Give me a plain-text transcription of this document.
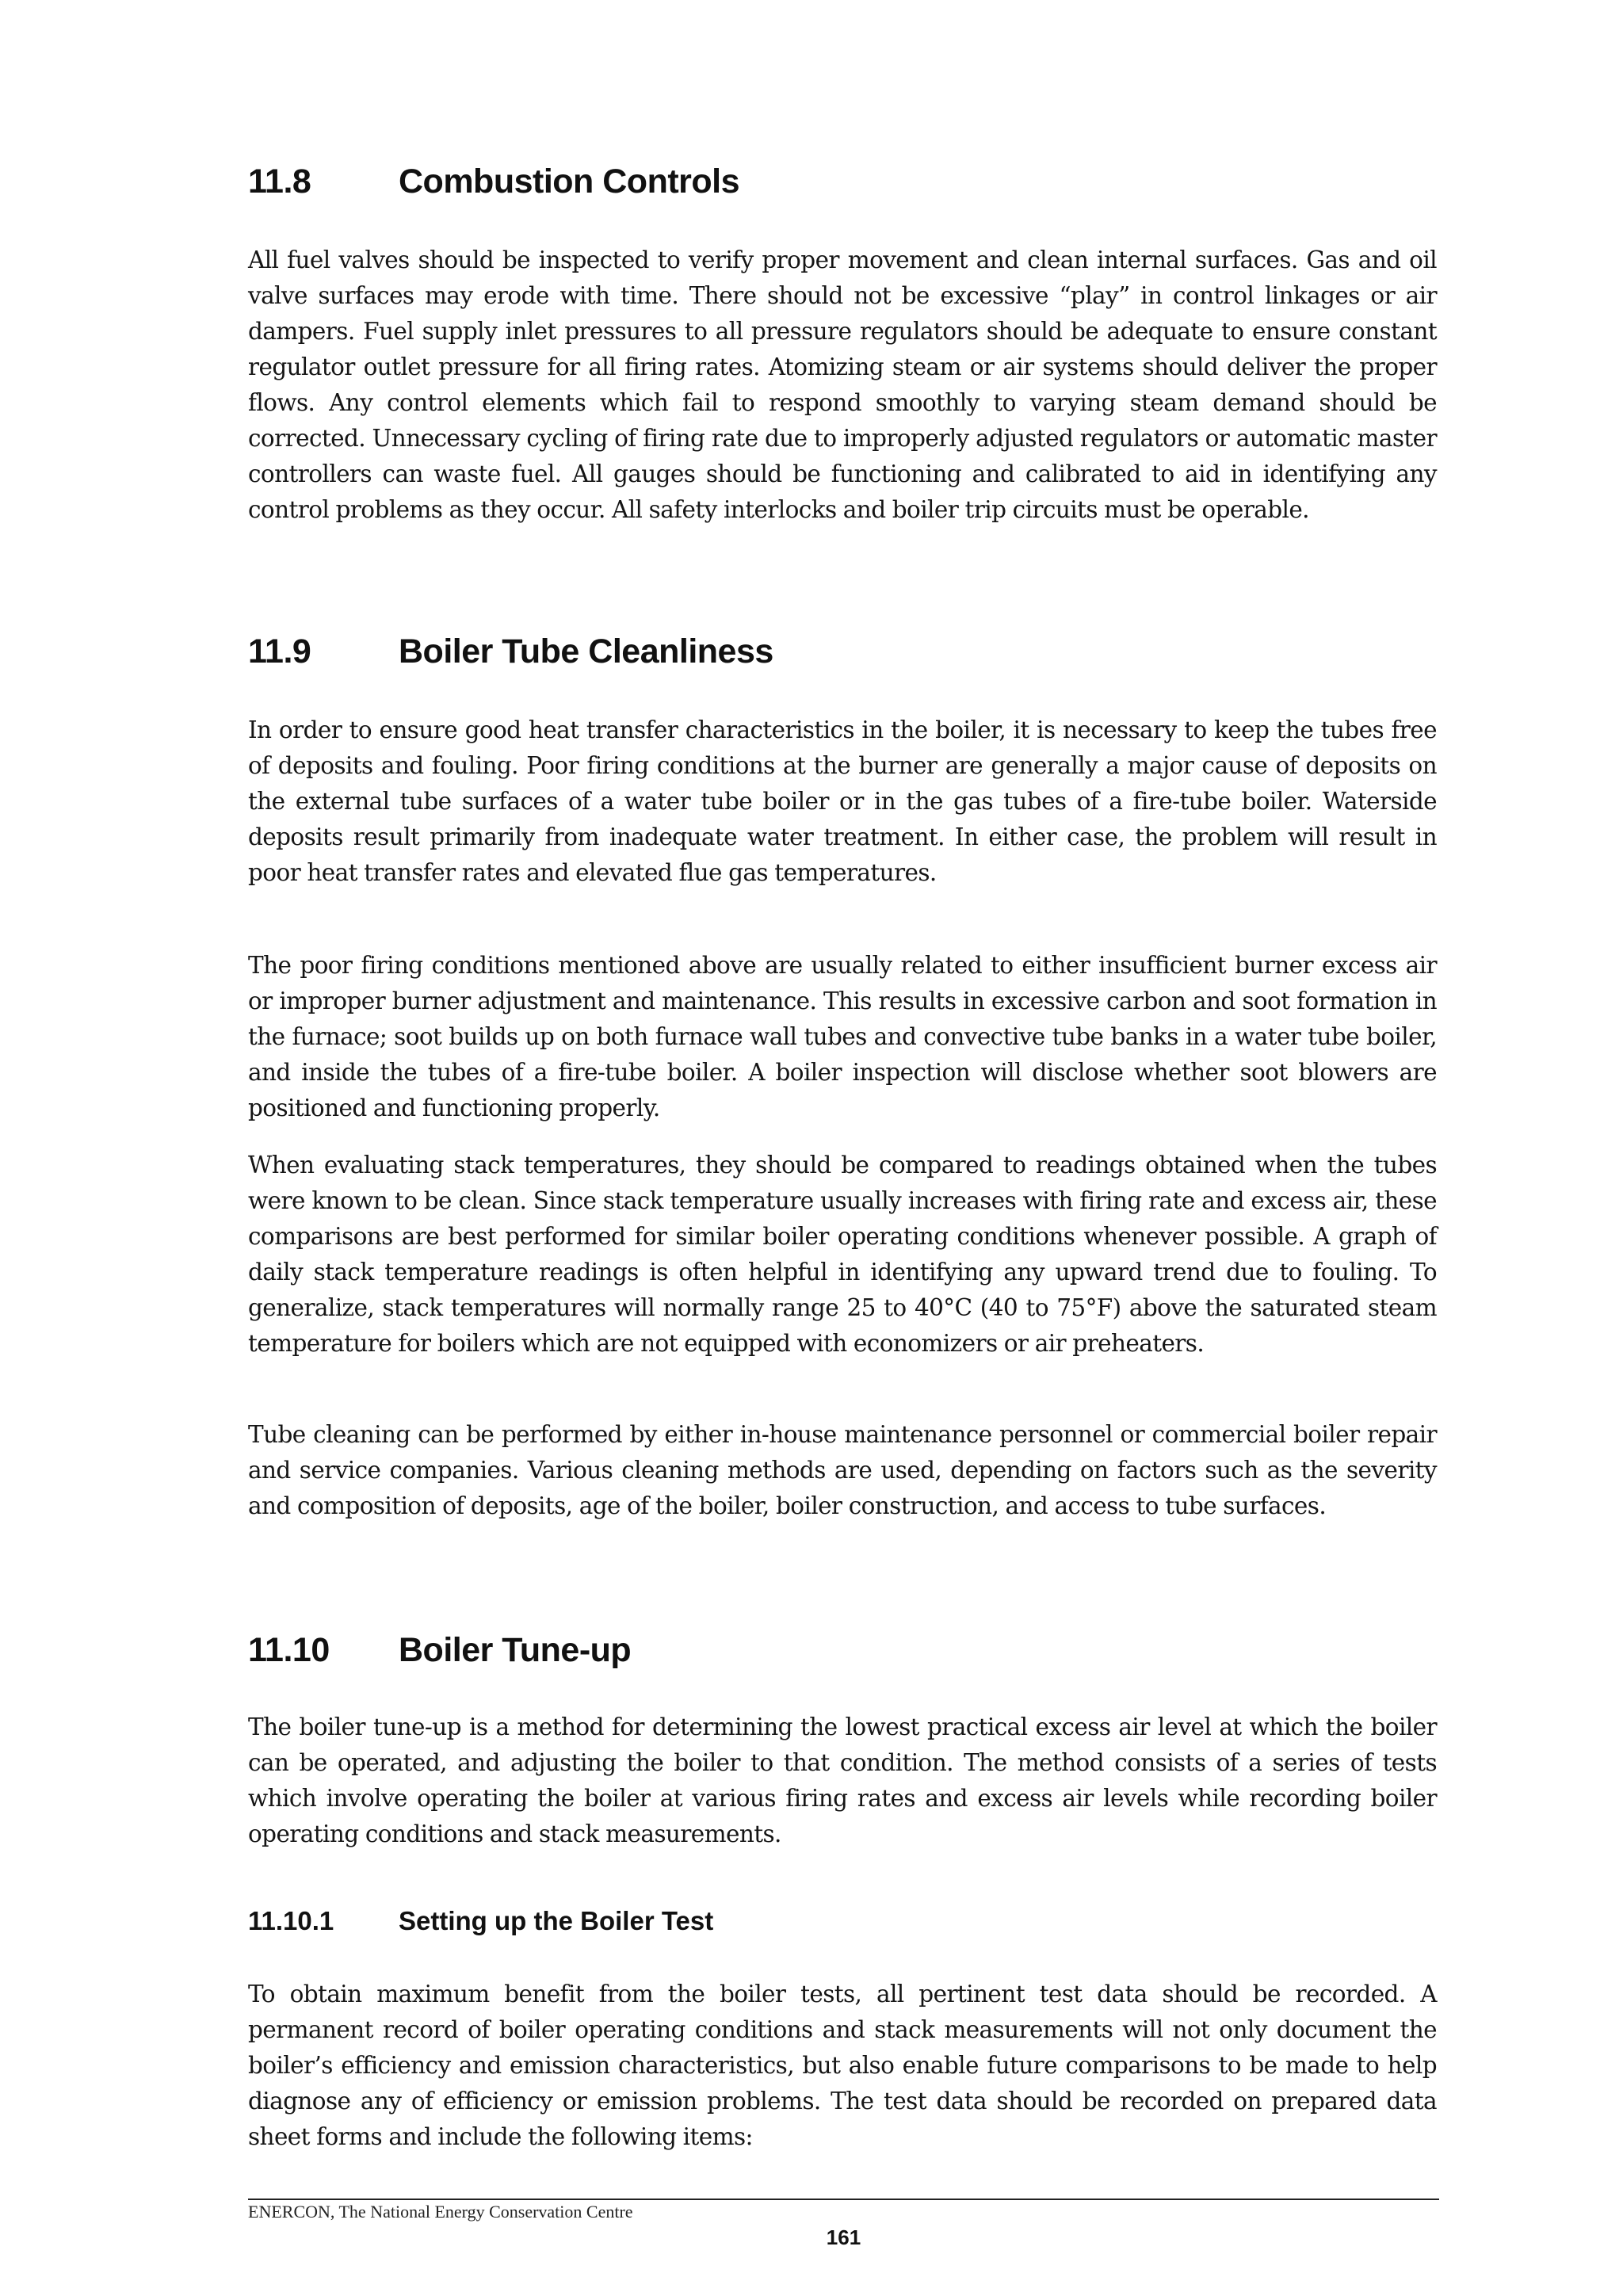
11.8	Combustion Controls

All fuel valves should be inspected to verify proper movement and clean internal surfaces. Gas and oil valve surfaces may erode with time. There should not be excessive “play” in control linkages or air dampers. Fuel supply inlet pressures to all pressure regulators should be adequate to ensure constant regulator outlet pressure for all firing rates. Atomizing steam or air systems should deliver the proper flows. Any control elements which fail to respond smoothly to varying steam demand should be corrected. Unnecessary cycling of firing rate due to improperly adjusted regulators or automatic master controllers can waste fuel. All gauges should be functioning and calibrated to aid in identifying any control problems as they occur. All safety interlocks and boiler trip circuits must be operable.

11.9	Boiler Tube Cleanliness

In order to ensure good heat transfer characteristics in the boiler, it is necessary to keep the tubes free of deposits and fouling. Poor firing conditions at the burner are generally a major cause of deposits on the external tube surfaces of a water tube boiler or in the gas tubes of a fire-tube boiler. Waterside deposits result primarily from inadequate water treatment. In either case, the problem will result in poor heat transfer rates and elevated flue gas temperatures.

The poor firing conditions mentioned above are usually related to either insufficient burner excess air or improper burner adjustment and maintenance. This results in excessive carbon and soot formation in the furnace; soot builds up on both furnace wall tubes and convective tube banks in a water tube boiler, and inside the tubes of a fire-tube boiler. A boiler inspection will disclose whether soot blowers are positioned and functioning properly.

When evaluating stack temperatures, they should be compared to readings obtained when the tubes were known to be clean. Since stack temperature usually increases with firing rate and excess air, these comparisons are best performed for similar boiler operating conditions whenever possible. A graph of daily stack temperature readings is often helpful in identifying any upward trend due to fouling. To generalize, stack temperatures will normally range 25 to 40°C (40 to 75°F) above the saturated steam temperature for boilers which are not equipped with economizers or air preheaters.

Tube cleaning can be performed by either in-house maintenance personnel or commercial boiler repair and service companies. Various cleaning methods are used, depending on factors such as the severity and composition of deposits, age of the boiler, boiler construction, and access to tube surfaces.

11.10 Boiler Tune-up

The boiler tune-up is a method for determining the lowest practical excess air level at which the boiler can be operated, and adjusting the boiler to that condition. The method consists of a series of tests which involve operating the boiler at various firing rates and excess air levels while recording boiler operating conditions and stack measurements.

11.10.1 Setting up the Boiler Test

To obtain maximum benefit from the boiler tests, all pertinent test data should be recorded. A permanent record of boiler operating conditions and stack measurements will not only document the boiler’s efficiency and emission characteristics, but also enable future comparisons to be made to help diagnose any of efficiency or emission problems. The test data should be recorded on prepared data sheet forms and include the following items:

ENERCON, The National Energy Conservation Centre
161
